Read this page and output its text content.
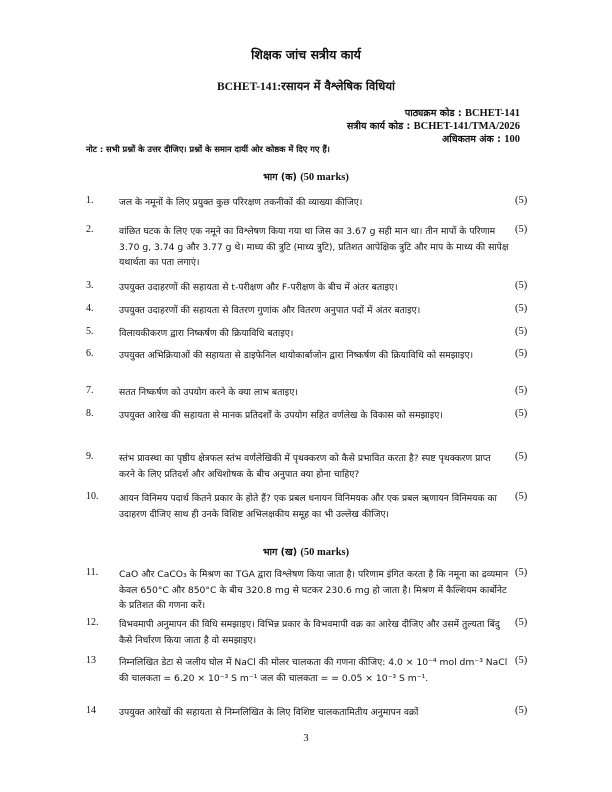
शिक्षक जांच सत्रीय कार्य
BCHET-141:रसायन में वैश्लेषिक विधियां
पाठ्यक्रम कोड : BCHET-141
सत्रीय कार्य कोड : BCHET-141/TMA/2026
अधिकतम अंक : 100
नोट : सभी प्रश्नों के उत्तर दीजिए। प्रश्नों के समान दायीं ओर कोष्ठक में दिए गए हैं।
भाग (क) (50 marks)
1.	जल के नमूनों के लिए प्रयुक्त कुछ परिरक्षण तकनीकों की व्याख्या कीजिए।	(5)
2.	वांछित घटक के लिए एक नमूने का विश्लेषण किया गया था जिस का 3.67 g सही मान था। तीन मापों के परिणाम 3.70 g, 3.74 g और 3.77 g थे। माध्य की त्रुटि (माध्य त्रुटि), प्रतिशत आपेक्षिक त्रुटि और माप के माध्य की सापेक्ष यथार्थता का पता लगाएं।
(5)
3.	उपयुक्त उदाहरणों की सहायता से t-परीक्षण और F-परीक्षण के बीच में अंतर बताइए।	(5)
4.	उपयुक्त उदाहरणों की सहायता से वितरण गुणांक और वितरण अनुपात पदों में अंतर बताइए।	(5)
5.	विलायकीकरण द्वारा निष्कर्षण की क्रियाविधि बताइए।	(5)
6.	उपयुक्त अभिक्रियाओं की सहायता से डाइफेनिल थायोकार्बाजोन द्वारा निष्कर्षण की क्रियाविधि को समझाइए।	(5)
7.	सतत निष्कर्षण को उपयोग करने के क्या लाभ बताइए।	(5)
8.	उपयुक्त आरेख की सहायता से मानक प्रतिदर्शों के उपयोग सहित वर्णलेख के विकास को समझाइए।	(5)
9.	स्तंभ प्रावस्था का पृष्ठीय क्षेत्रफल स्तंभ वर्णलेखिकी में पृथक्करण को कैसे प्रभावित करता है? स्पष्ट पृथक्करण प्राप्त करने के लिए प्रतिदर्श और अधिशोषक के बीच अनुपात क्या होना चाहिए?
(5)
10. आयन विनिमय पदार्थ कितने प्रकार के होते हैं? एक प्रबल धनायन विनिमयक और एक प्रबल ऋणायन विनिमयक का उदाहरण दीजिए साथ ही उनके विशिष्ट अभिलक्षकीय समूह का भी उल्लेख कीजिए।
(5)
भाग (ख) (50 marks)
11. CaO और CaCO₃ के मिश्रण का TGA द्वारा विश्लेषण किया जाता है। परिणाम इंगित करता है कि नमूना का द्रव्यमान केवल 650°C और 850°C के बीच 320.8 mg से घटकर 230.6 mg हो जाता है। मिश्रण में कैल्शियम कार्बोनेट के प्रतिशत की गणना करें।
(5)
12. विभवमापी अनुमापन की विधि समझाइए। विभिन्न प्रकार के विभवमापी वक्र का आरेख दीजिए और उसमें तुल्यता बिंदु कैसे निर्धारण किया जाता है वो समझाइए।
(5)
13	निम्नलिखित डेटा से जलीय घोल में NaCl की मोलर चालकता की गणना कीजिए: 4.0 × 10⁻⁴ mol dm⁻³ NaCl की चालकता = 6.20 × 10⁻³ S m⁻¹ जल की चालकता = = 0.05 × 10⁻³ S m⁻¹.
(5)
14	उपयुक्त आरेखों की सहायता से निम्नलिखित के लिए विशिष्ट चालकतामितीय अनुमापन वक्रों	(5)
3
